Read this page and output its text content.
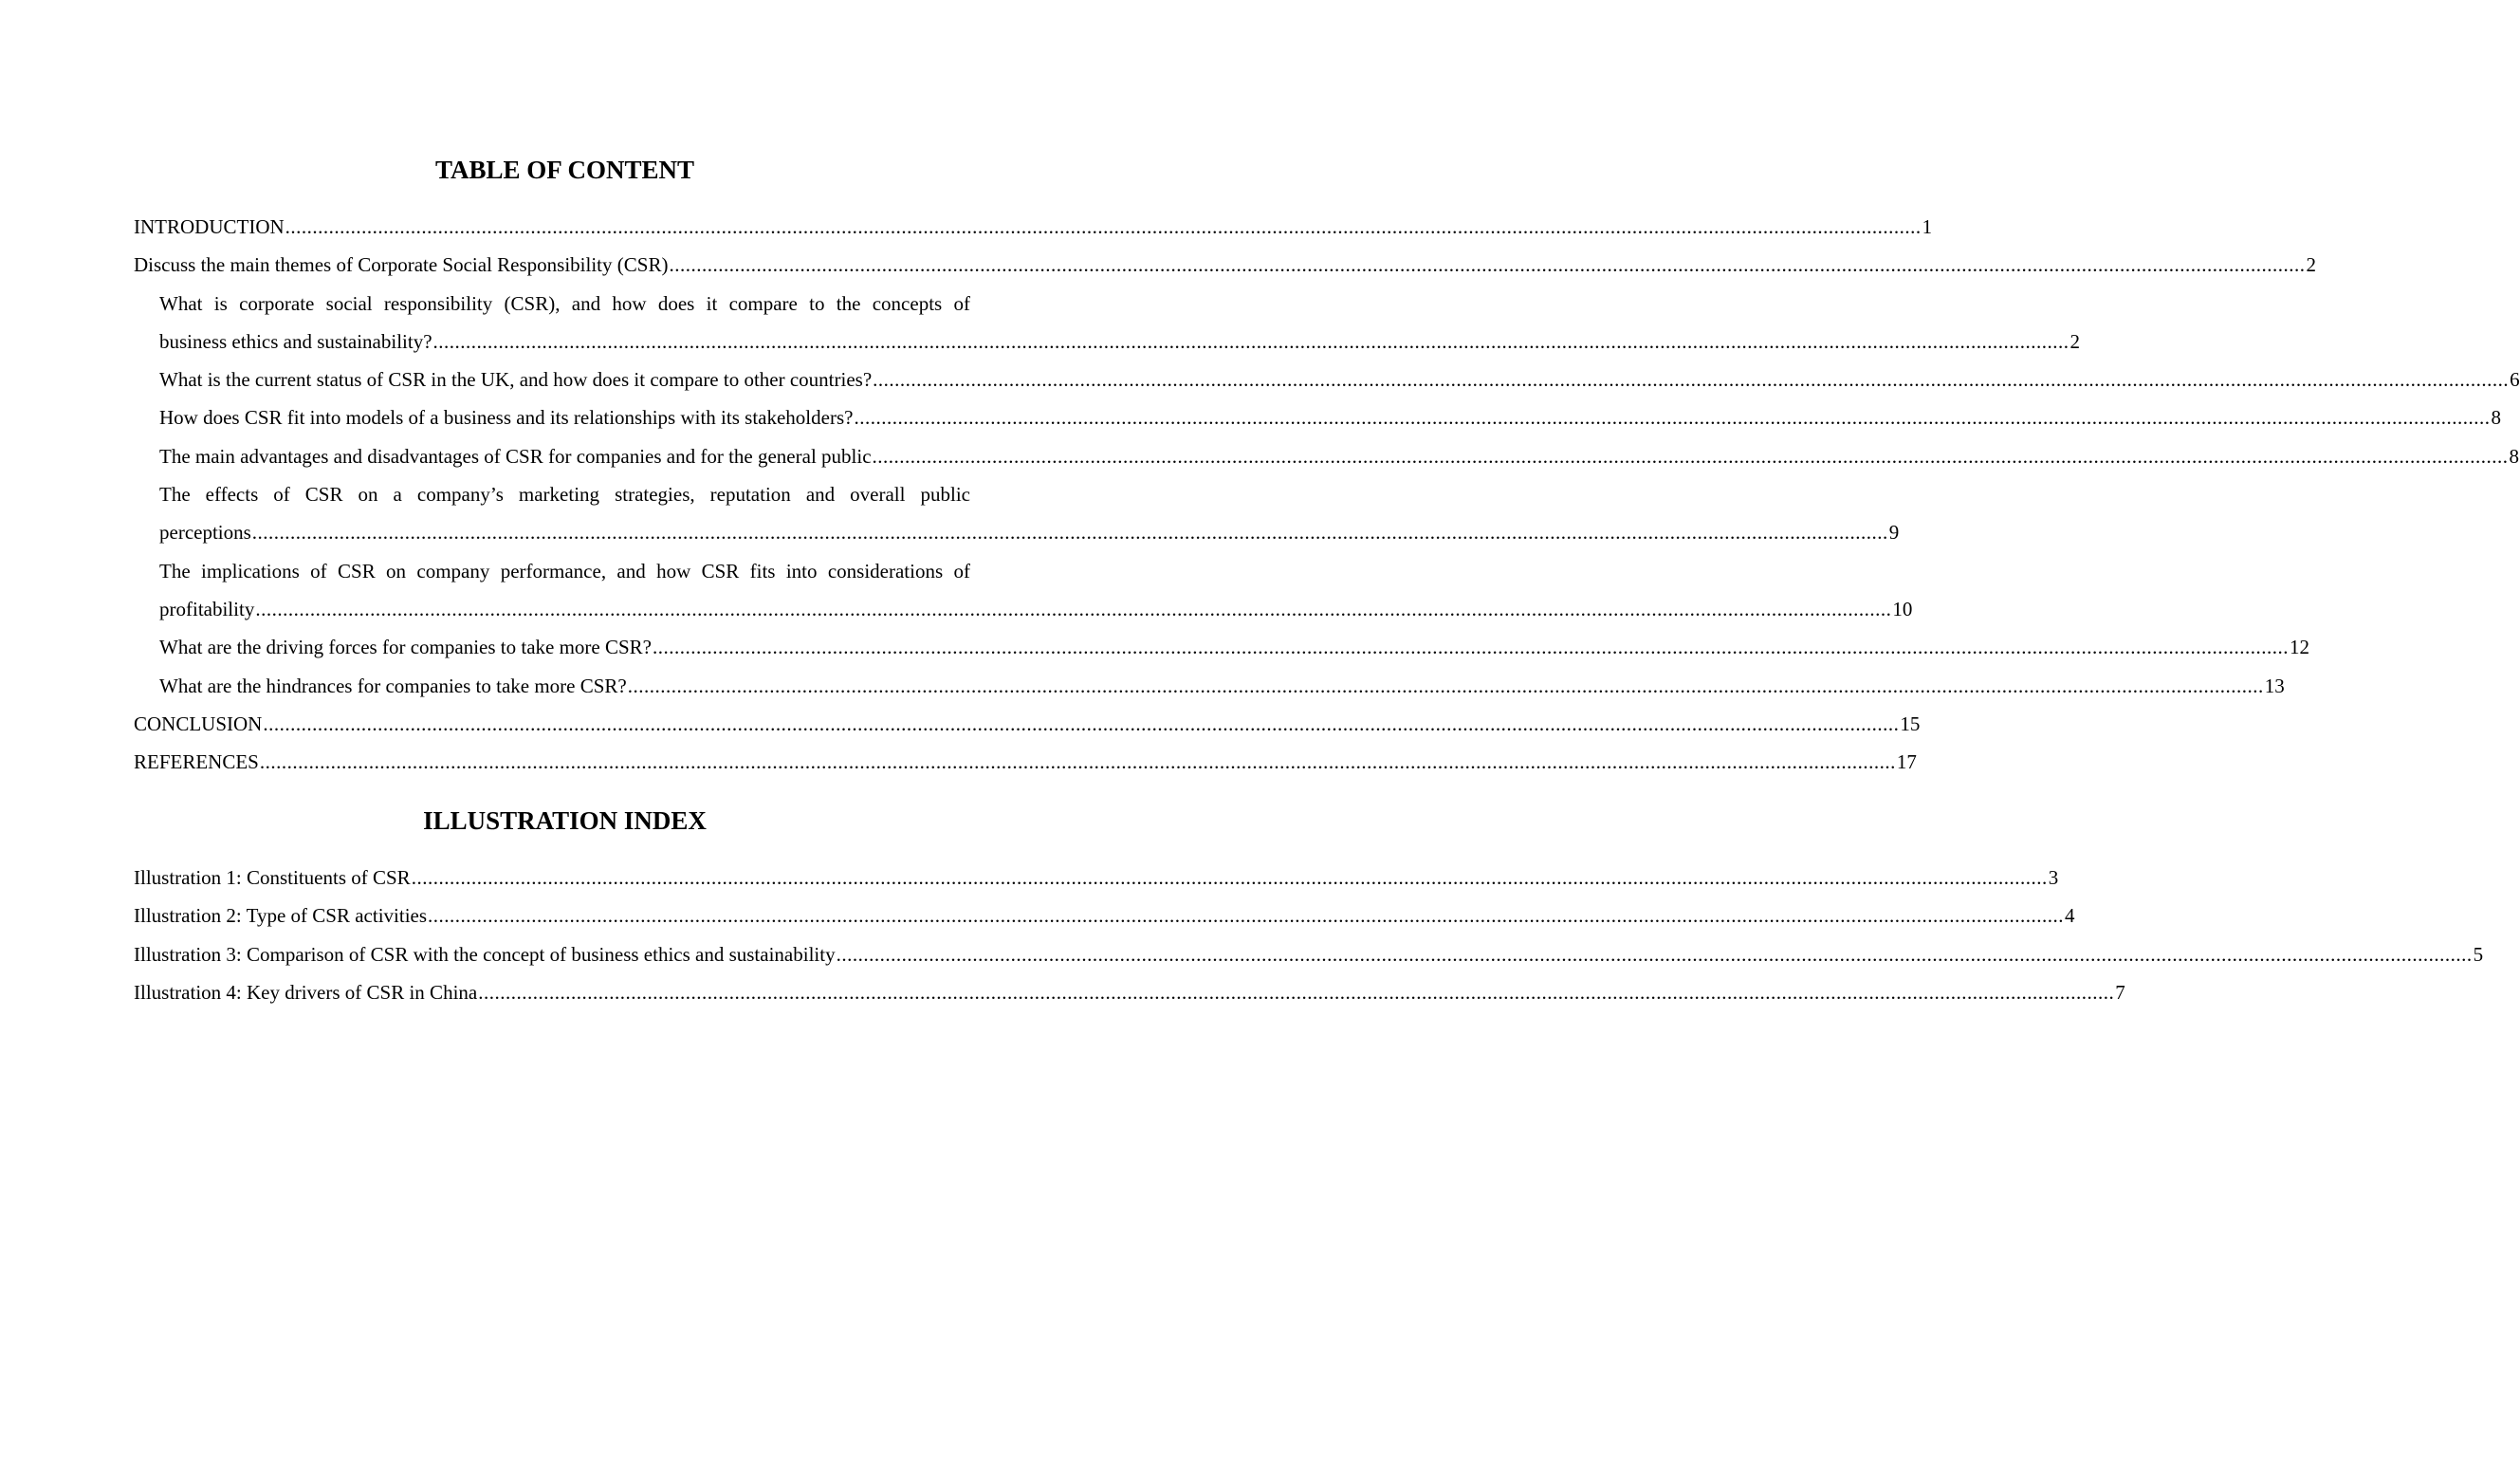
TABLE OF CONTENT
INTRODUCTION ............................................................................................................................................................................................................................................................................................................ 1
Discuss the main themes of Corporate Social Responsibility (CSR) ............................................................................................................................................................................................................................................................................................................ 2
What is corporate social responsibility (CSR), and how does it compare to the concepts of
business ethics and sustainability? ............................................................................................................................................................................................................................................................................................................ 2
What is the current status of CSR in the UK, and how does it compare to other countries? ............................................................................................................................................................................................................................................................................................................ 6
How does CSR fit into models of a business and its relationships with its stakeholders? ............................................................................................................................................................................................................................................................................................................ 8
The main advantages and disadvantages of CSR for companies and for the general public ............................................................................................................................................................................................................................................................................................................ 8
The effects of CSR on a company’s marketing strategies, reputation and overall public
perceptions ............................................................................................................................................................................................................................................................................................................ 9
The implications of CSR on company performance, and how CSR fits into considerations of
profitability ............................................................................................................................................................................................................................................................................................................ 10
What are the driving forces for companies to take more CSR? ............................................................................................................................................................................................................................................................................................................ 12
What are the hindrances for companies to take more CSR? ............................................................................................................................................................................................................................................................................................................ 13
CONCLUSION ............................................................................................................................................................................................................................................................................................................ 15
REFERENCES ............................................................................................................................................................................................................................................................................................................ 17
ILLUSTRATION INDEX
Illustration 1: Constituents of CSR ............................................................................................................................................................................................................................................................................................................ 3
Illustration 2: Type of CSR activities ............................................................................................................................................................................................................................................................................................................ 4
Illustration 3: Comparison of CSR with the concept of business ethics and sustainability ............................................................................................................................................................................................................................................................................................................ 5
Illustration 4: Key drivers of CSR in China ............................................................................................................................................................................................................................................................................................................ 7
